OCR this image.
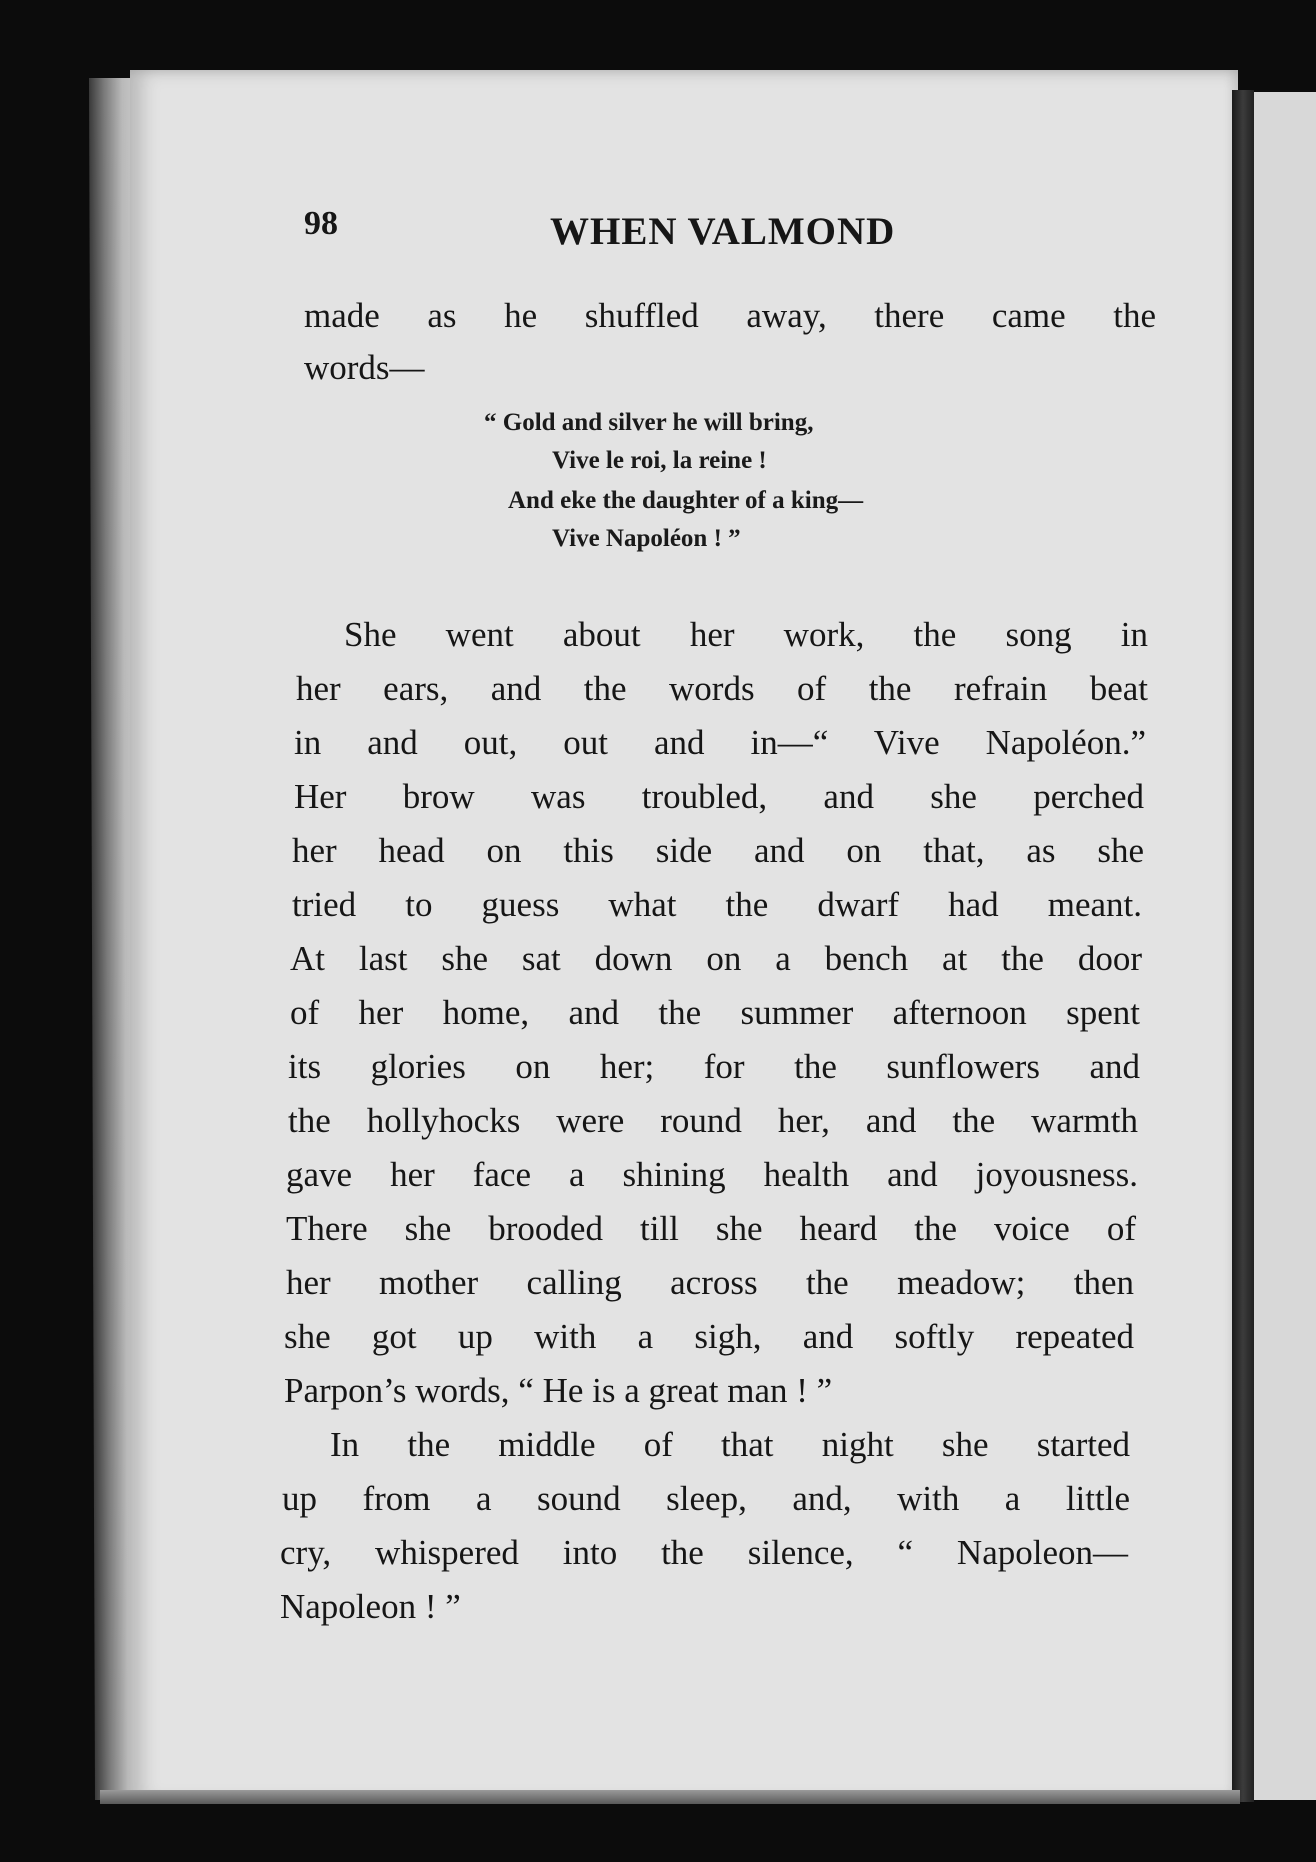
98	WHEN VALMOND
made as he shuffled away, there came the
words—
“ Gold and silver he will bring,
Vive le roi, la reine !
And eke the daughter of a king—
Vive Napoléon ! ”
She went about her work, the song in
her ears, and the words of the refrain beat
in and out, out and in—“ Vive Napoléon.”
Her brow was troubled, and she perched
her head on this side and on that, as she
tried to guess what the dwarf had meant.
At last she sat down on a bench at the door
of her home, and the summer afternoon spent
its glories on her; for the sunflowers and
the hollyhocks were round her, and the warmth
gave her face a shining health and joyousness.
There she brooded till she heard the voice of
her mother calling across the meadow; then
she got up with a sigh, and softly repeated
Parpon’s words, “ He is a great man ! ”
In the middle of that night she started
up from a sound sleep, and, with a little
cry, whispered into the silence, “ Napoleon—
Napoleon ! ”
